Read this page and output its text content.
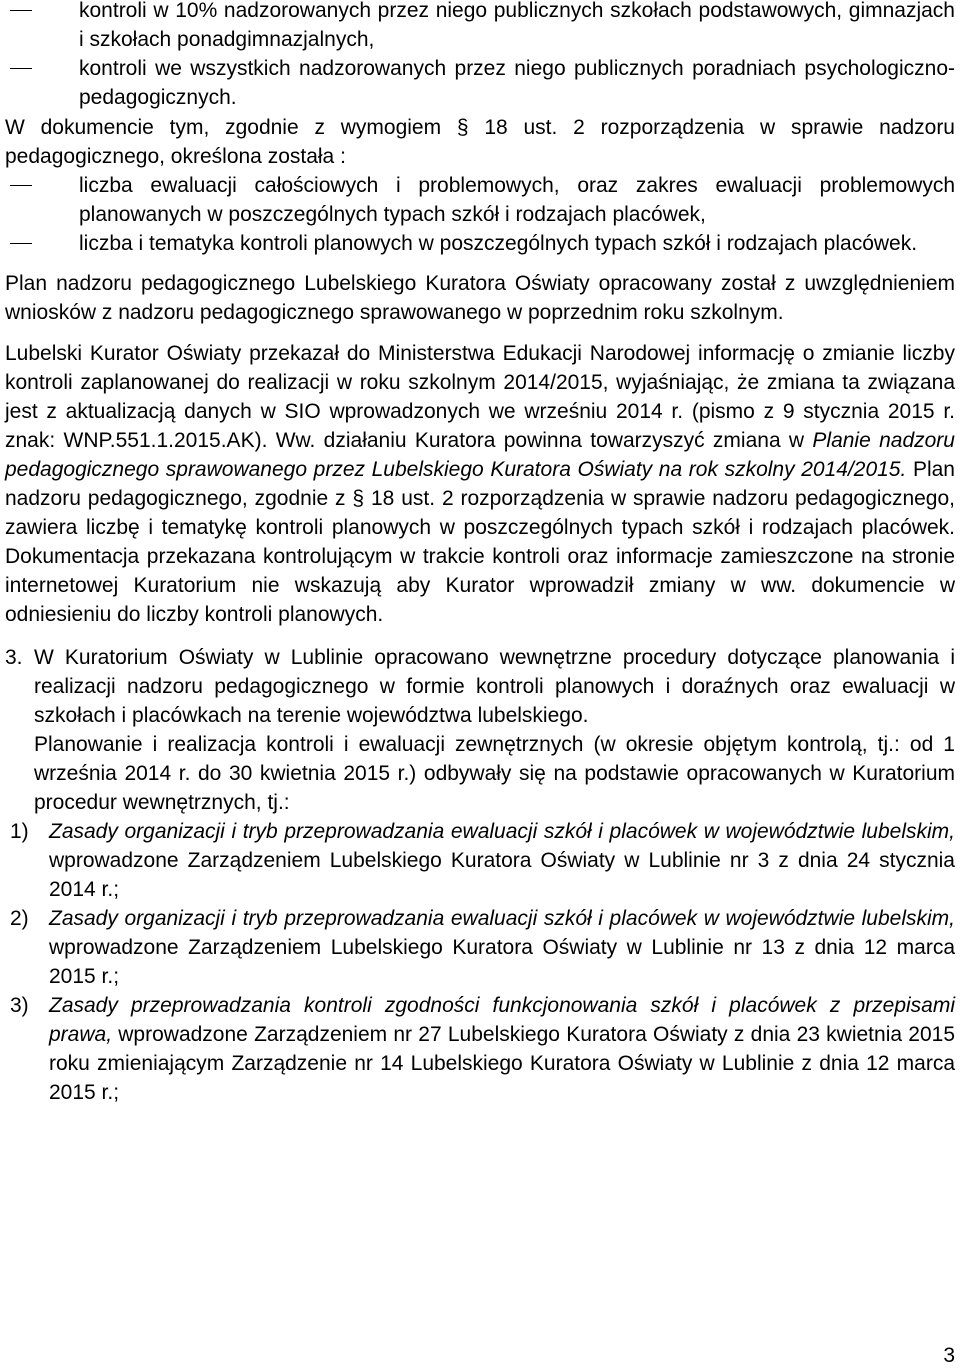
kontroli w 10% nadzorowanych przez niego publicznych szkołach podstawowych, gimnazjach i szkołach ponadgimnazjalnych,
kontroli we wszystkich nadzorowanych przez niego publicznych poradniach psychologiczno-pedagogicznych.

W dokumencie tym, zgodnie z wymogiem § 18 ust. 2 rozporządzenia w sprawie nadzoru pedagogicznego, określona została :

liczba ewaluacji całościowych i problemowych, oraz zakres ewaluacji problemowych planowanych w poszczególnych typach szkół i rodzajach placówek,
liczba i tematyka kontroli planowych w poszczególnych typach szkół i rodzajach placówek.

Plan nadzoru pedagogicznego Lubelskiego Kuratora Oświaty opracowany został z uwzględnieniem wniosków z nadzoru pedagogicznego sprawowanego w poprzednim roku szkolnym.

Lubelski Kurator Oświaty przekazał do Ministerstwa Edukacji Narodowej informację o zmianie liczby kontroli zaplanowanej do realizacji w roku szkolnym 2014/2015, wyjaśniając, że zmiana ta związana jest z aktualizacją danych w SIO wprowadzonych we wrześniu 2014 r. (pismo z 9 stycznia 2015 r. znak: WNP.551.1.2015.AK). Ww. działaniu Kuratora powinna towarzyszyć zmiana w Planie nadzoru pedagogicznego sprawowanego przez Lubelskiego Kuratora Oświaty na rok szkolny 2014/2015. Plan nadzoru pedagogicznego, zgodnie z § 18 ust. 2 rozporządzenia w sprawie nadzoru pedagogicznego, zawiera liczbę i tematykę kontroli planowych w poszczególnych typach szkół i rodzajach placówek. Dokumentacja przekazana kontrolującym w trakcie kontroli oraz informacje zamieszczone na stronie internetowej Kuratorium nie wskazują aby Kurator wprowadził zmiany w ww. dokumencie w odniesieniu do liczby kontroli planowych.

3. W Kuratorium Oświaty w Lublinie opracowano wewnętrzne procedury dotyczące planowania i realizacji nadzoru pedagogicznego w formie kontroli planowych i doraźnych oraz ewaluacji w szkołach i placówkach na terenie województwa lubelskiego.

Planowanie i realizacja kontroli i ewaluacji zewnętrznych (w okresie objętym kontrolą, tj.: od 1 września 2014 r. do 30 kwietnia 2015 r.) odbywały się na podstawie opracowanych w Kuratorium procedur wewnętrznych, tj.:

1) Zasady organizacji i tryb przeprowadzania ewaluacji szkół i placówek w województwie lubelskim, wprowadzone Zarządzeniem Lubelskiego Kuratora Oświaty w Lublinie nr 3 z dnia 24 stycznia 2014 r.;
2) Zasady organizacji i tryb przeprowadzania ewaluacji szkół i placówek w województwie lubelskim, wprowadzone Zarządzeniem Lubelskiego Kuratora Oświaty w Lublinie nr 13 z dnia 12 marca 2015 r.;
3) Zasady przeprowadzania kontroli zgodności funkcjonowania szkół i placówek z przepisami prawa, wprowadzone Zarządzeniem nr 27 Lubelskiego Kuratora Oświaty z dnia 23 kwietnia 2015 roku zmieniającym Zarządzenie nr 14 Lubelskiego Kuratora Oświaty w Lublinie z dnia 12 marca 2015 r.;
3
